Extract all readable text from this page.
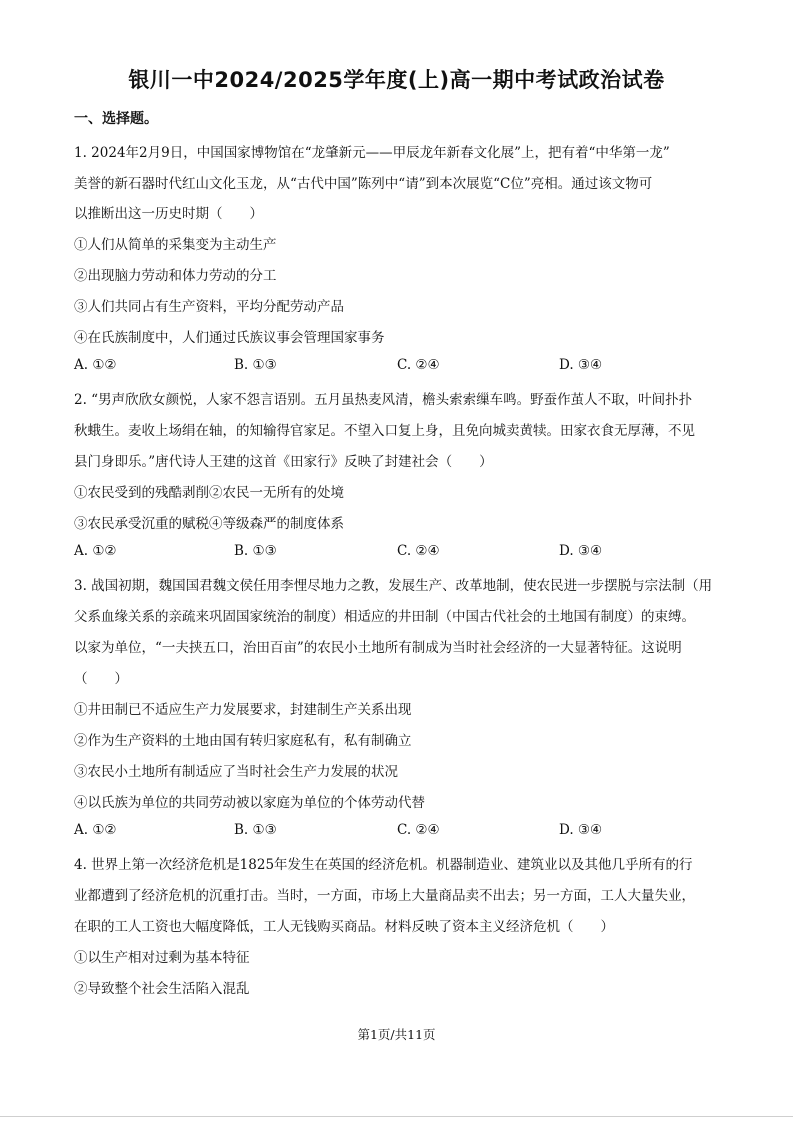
银川一中2024/2025学年度(上)高一期中考试政治试卷
一、选择题。
1. 2024年2月9日，中国国家博物馆在“龙肇新元——甲辰龙年新春文化展”上，把有着“中华第一龙”
美誉的新石器时代红山文化玉龙，从“古代中国”陈列中“请”到本次展览“C位”亮相。通过该文物可
以推断出这一历史时期（　　）
①人们从简单的采集变为主动生产
②出现脑力劳动和体力劳动的分工
③人们共同占有生产资料，平均分配劳动产品
④在氏族制度中，人们通过氏族议事会管理国家事务
A. ①②	B. ①③	C. ②④	D. ③④
2. “男声欣欣女颜悦，人家不怨言语别。五月虽热麦风清，檐头索索缫车鸣。野蚕作茧人不取，叶间扑扑
秋蛾生。麦收上场绢在轴，的知输得官家足。不望入口复上身，且免向城卖黄犊。田家衣食无厚薄，不见
县门身即乐。”唐代诗人王建的这首《田家行》反映了封建社会（　　）
①农民受到的残酷剥削②农民一无所有的处境
③农民承受沉重的赋税④等级森严的制度体系
A. ①②	B. ①③	C. ②④	D. ③④
3. 战国初期，魏国国君魏文侯任用李悝尽地力之教，发展生产、改革地制，使农民进一步摆脱与宗法制（用
父系血缘关系的亲疏来巩固国家统治的制度）相适应的井田制（中国古代社会的土地国有制度）的束缚。
以家为单位，“一夫挟五口，治田百亩”的农民小土地所有制成为当时社会经济的一大显著特征。这说明
（　　）
①井田制已不适应生产力发展要求，封建制生产关系出现
②作为生产资料的土地由国有转归家庭私有，私有制确立
③农民小土地所有制适应了当时社会生产力发展的状况
④以氏族为单位的共同劳动被以家庭为单位的个体劳动代替
A. ①②	B. ①③	C. ②④	D. ③④
4. 世界上第一次经济危机是1825年发生在英国的经济危机。机器制造业、建筑业以及其他几乎所有的行
业都遭到了经济危机的沉重打击。当时，一方面，市场上大量商品卖不出去；另一方面，工人大量失业，
在职的工人工资也大幅度降低，工人无钱购买商品。材料反映了资本主义经济危机（　　）
①以生产相对过剩为基本特征
②导致整个社会生活陷入混乱
第1页/共11页
